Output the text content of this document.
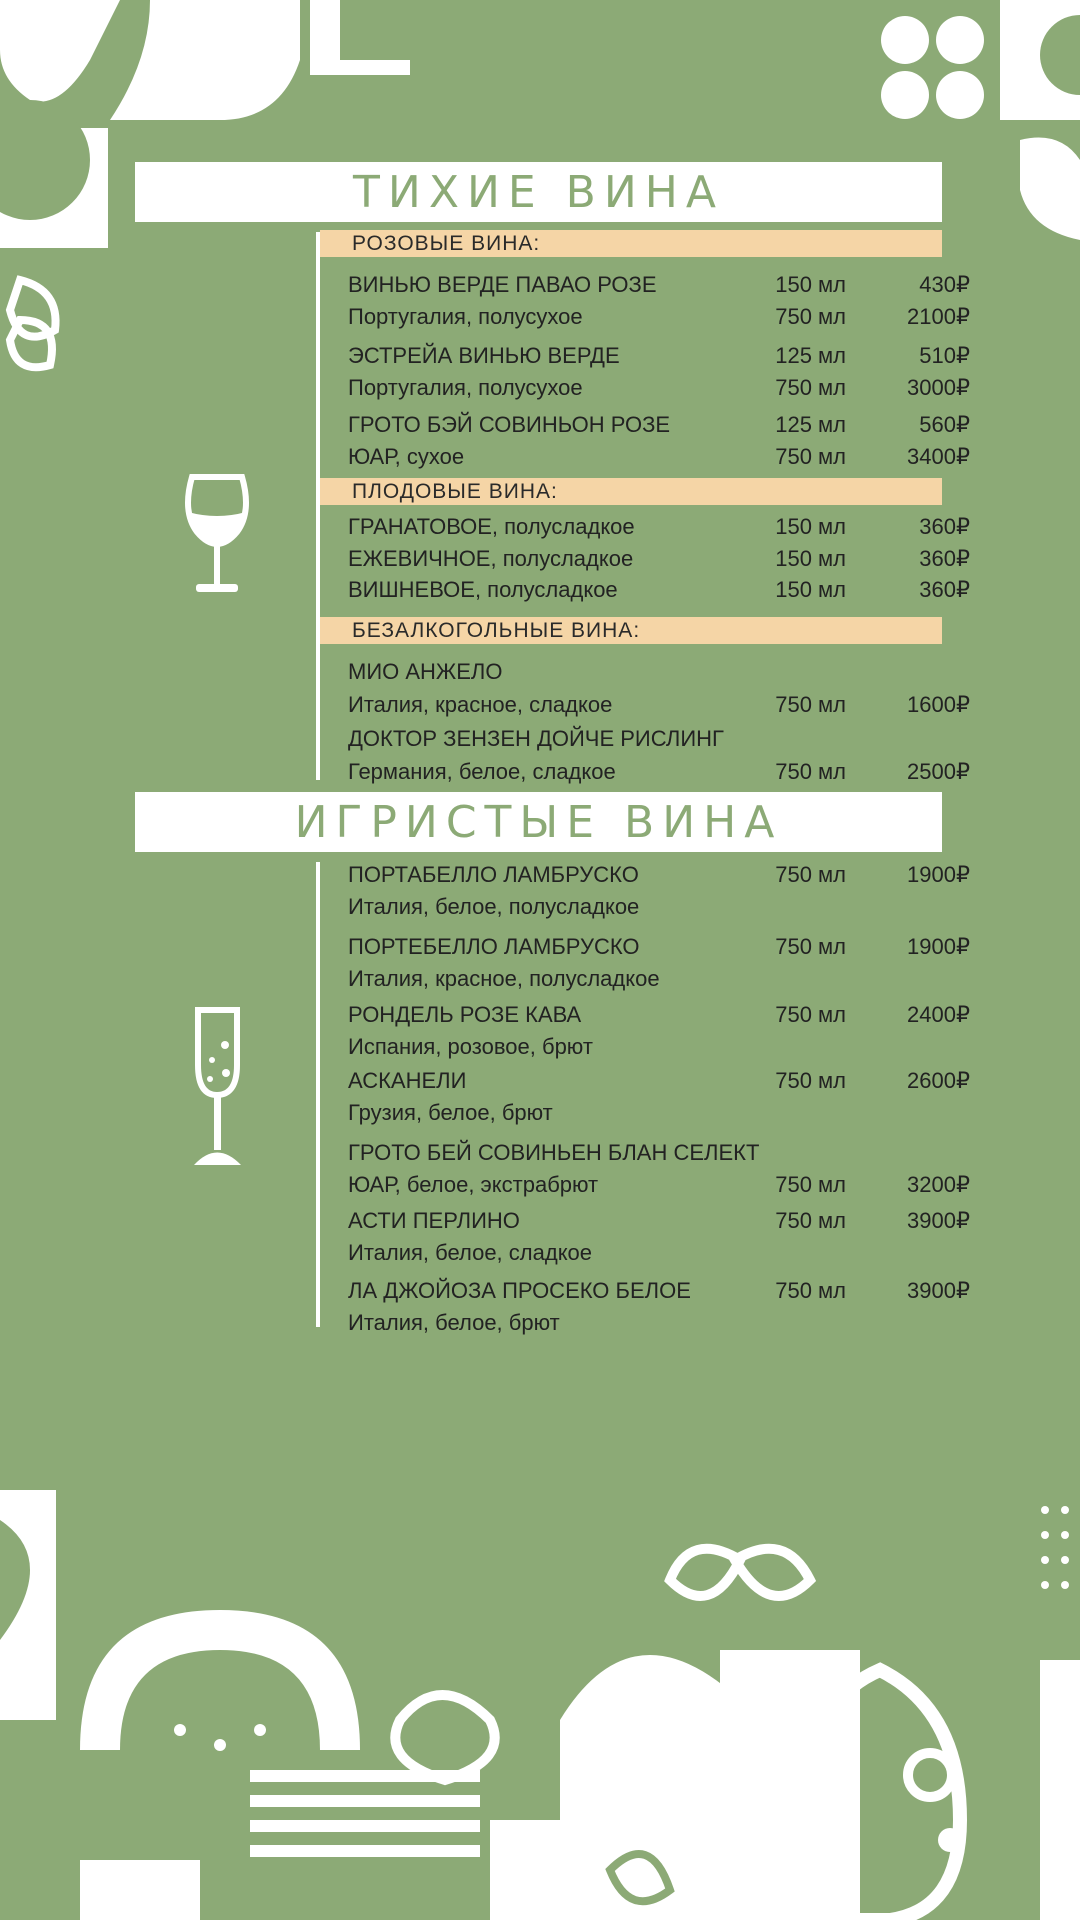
ТИХИЕ ВИНА
РОЗОВЫЕ ВИНА:
ВИНЬЮ ВЕРДЕ ПАВАО РОЗЕ	150 мл	430₽
Португалия, полусухое	750 мл	2100₽
ЭСТРЕЙА ВИНЬЮ ВЕРДЕ	125 мл	510₽
Португалия, полусухое	750 мл	3000₽
ГРОТО БЭЙ СОВИНЬОН РОЗЕ	125 мл	560₽
ЮАР, сухое	750 мл	3400₽
ПЛОДОВЫЕ ВИНА:
ГРАНАТОВОЕ, полусладкое	150 мл	360₽
ЕЖЕВИЧНОЕ, полусладкое	150 мл	360₽
ВИШНЕВОЕ, полусладкое	150 мл	360₽
БЕЗАЛКОГОЛЬНЫЕ ВИНА:
МИО АНЖЕЛО
Италия, красное, сладкое	750 мл	1600₽
ДОКТОР ЗЕНЗЕН ДОЙЧЕ РИСЛИНГ
Германия, белое, сладкое	750 мл	2500₽
ИГРИСТЫЕ ВИНА
ПОРТАБЕЛЛО ЛАМБРУСКО	750 мл	1900₽
Италия, белое, полусладкое
ПОРТЕБЕЛЛО ЛАМБРУСКО	750 мл	1900₽
Италия, красное, полусладкое
РОНДЕЛЬ РОЗЕ КАВА	750 мл	2400₽
Испания, розовое, брют
АСКАНЕЛИ	750 мл	2600₽
Грузия, белое, брют
ГРОТО БЕЙ СОВИНЬЕН БЛАН СЕЛЕКТ
ЮАР, белое, экстрабрют	750 мл	3200₽
АСТИ ПЕРЛИНО	750 мл	3900₽
Италия, белое, сладкое
ЛА ДЖОЙОЗА ПРОСЕКО БЕЛОЕ	750 мл	3900₽
Италия, белое, брют
